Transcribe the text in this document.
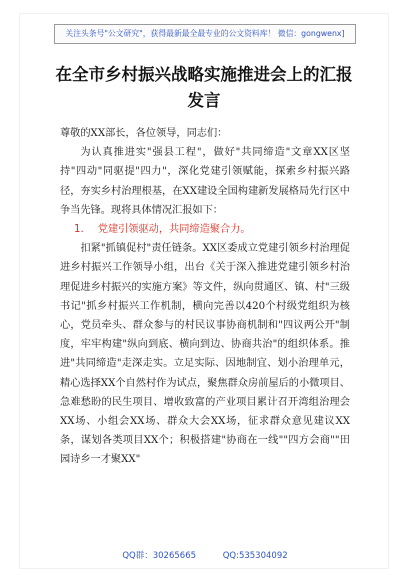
关注头条号"公文研究"，获得最新最全最专业的公文资料库！ 微信：gongwenx]
在全市乡村振兴战略实施推进会上的汇报发言

尊敬的XX部长，各位领导，同志们：

为认真推进实"强县工程"，做好"共同缔造"文章XX区坚持"四动"同驱提"四力"，深化党建引领赋能，探索乡村振兴路径，夯实乡村治理根基，在XX建设全国构建新发展格局先行区中争当先锋。现将具体情况汇报如下：

1. 党建引领驱动，共同缔造聚合力。

扣紧"抓镇促村"责任链条。XX区委成立党建引领乡村治理促进乡村振兴工作领导小组，出台《关于深入推进党建引领乡村治理促进乡村振兴的实施方案》等文件，纵向贯通区、镇、村"三级书记"抓乡村振兴工作机制，横向完善以420个村级党组织为核心，党员牵头、群众参与的村民议事协商机制和"四议两公开"制度，牢牢构建"纵向到底、横向到边、协商共治"的组织体系。推进"共同缔造"走深走实。立足实际、因地制宜、划小治理单元，精心选择XX个自然村作为试点，聚焦群众房前屋后的小微项目、急难愁盼的民生项目、增收致富的产业项目累计召开湾组治理会XX场、小组会XX场、群众大会XX场，征求群众意见建议XX条，谋划各类项目XX个；积极搭建"协商在一线""四方会商""田园诗乡一才聚XX"

QQ群：30265665	QQ:535304092
